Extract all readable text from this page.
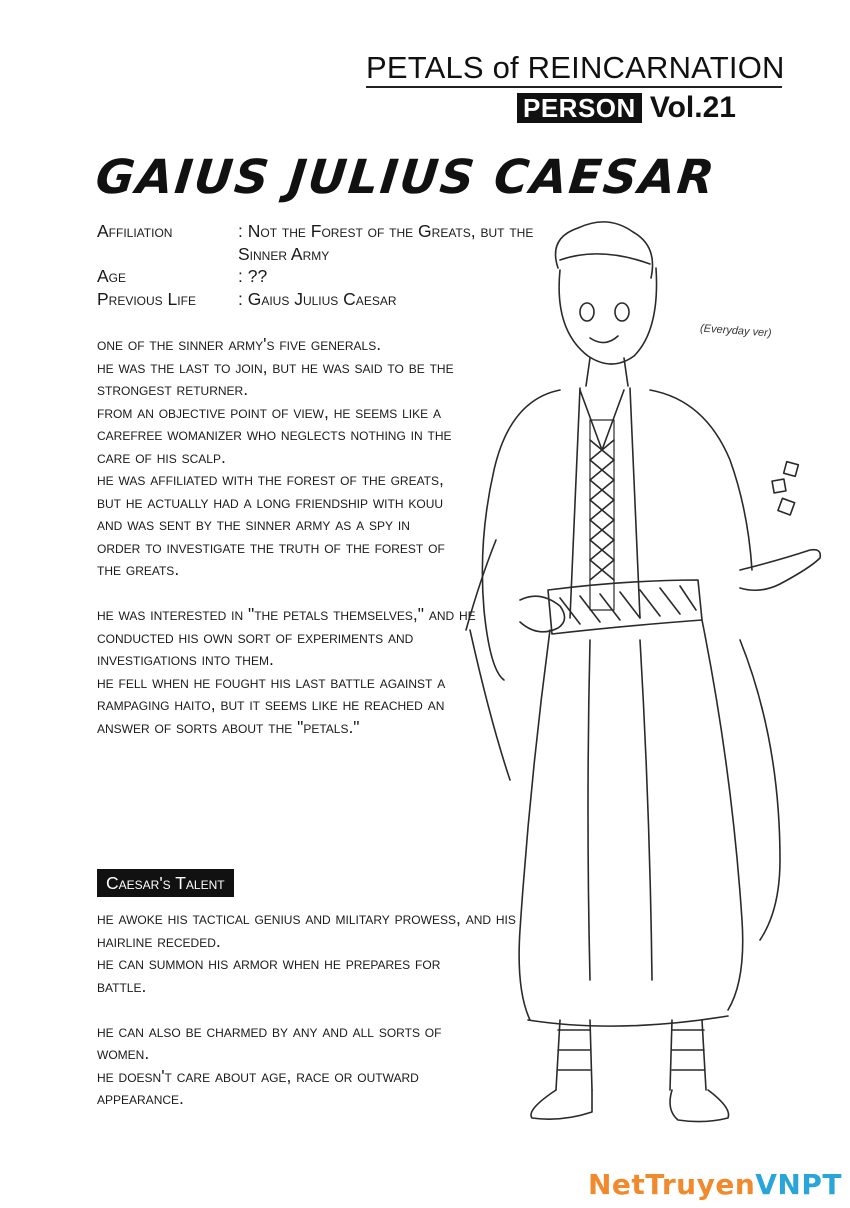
PETALS of REINCARNATION
PERSON Vol.21
GAIUS JULIUS CAESAR
Affiliation	: Not the Forest of the Greats, but the Sinner Army
Age	: ??
Previous Life	: Gaius Julius Caesar

one of the sinner army's five generals.

he was the last to join, but he was said to be the strongest returner.

from an objective point of view, he seems like a carefree womanizer who neglects nothing in the care of his scalp.

he was affiliated with the forest of the greats, but he actually had a long friendship with kouu and was sent by the sinner army as a spy in order to investigate the truth of the forest of the greats.

he was interested in "the petals themselves," and he conducted his own sort of experiments and investigations into them.

he fell when he fought his last battle against a rampaging haito, but it seems like he reached an answer of sorts about the "petals."

Caesar's Talent

he awoke his tactical genius and military prowess, and his hairline receded.

he can summon his armor when he prepares for battle.

he can also be charmed by any and all sorts of women.

he doesn't care about age, race or outward appearance.

(Everyday ver)
NetTruyenVNPT
